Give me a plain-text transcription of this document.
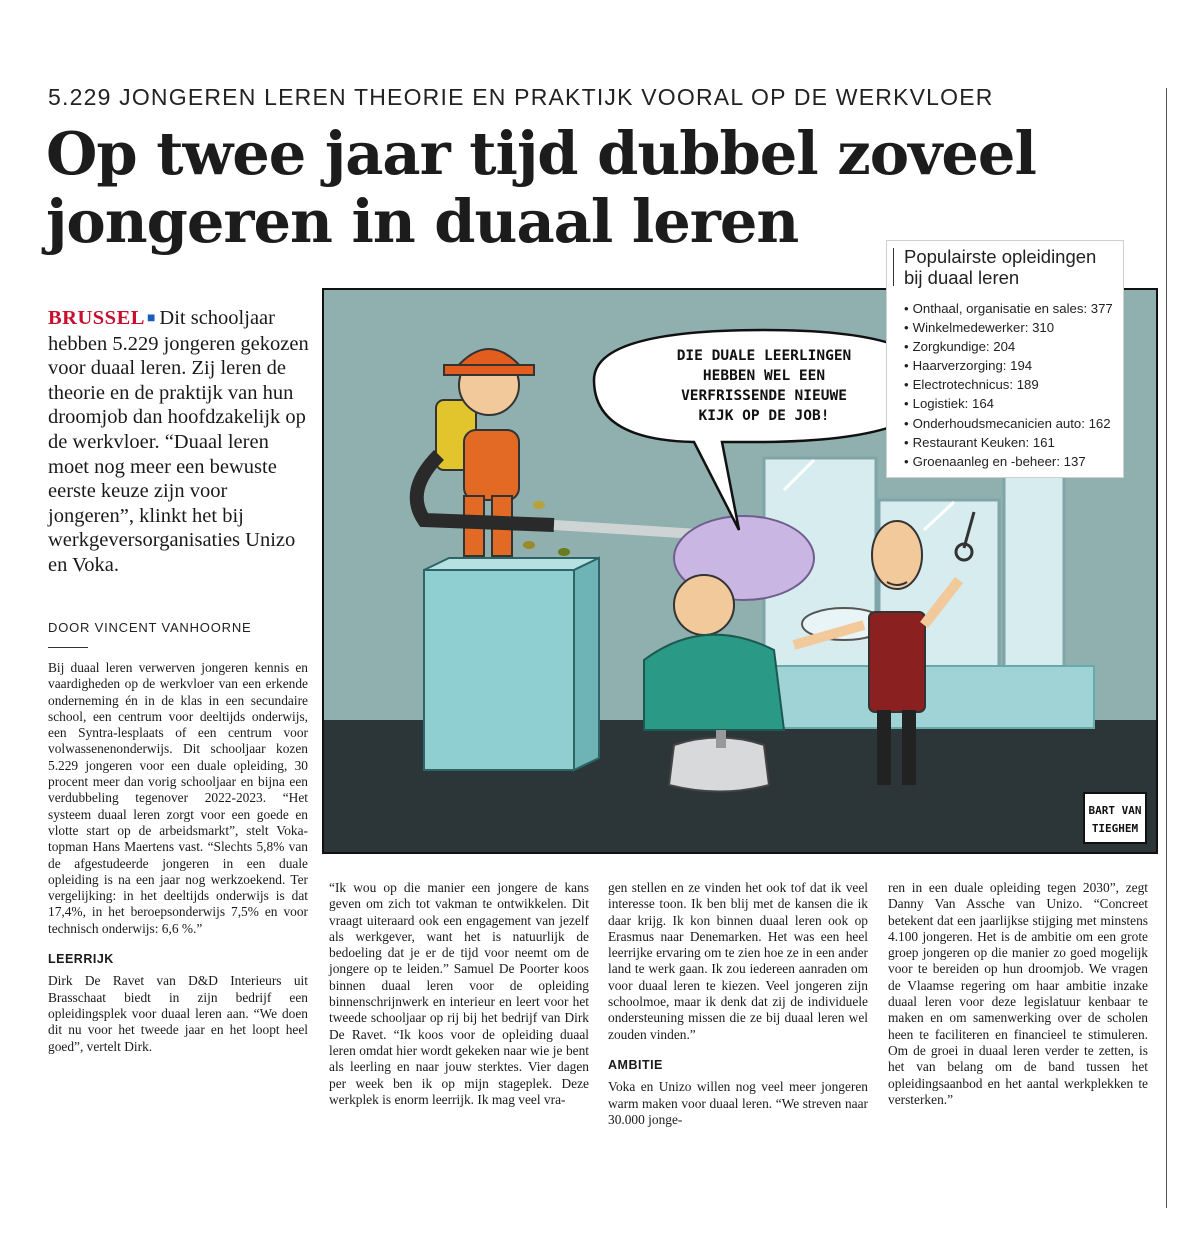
5.229 JONGEREN LEREN THEORIE EN PRAKTIJK VOORAL OP DE WERKVLOER
Op twee jaar tijd dubbel zoveel jongeren in duaal leren
BRUSSEL ■ Dit schooljaar hebben 5.229 jongeren gekozen voor duaal leren. Zij leren de theorie en de praktijk van hun droomjob dan hoofdzakelijk op de werkvloer. “Duaal leren moet nog meer een bewuste eerste keuze zijn voor jongeren”, klinkt het bij werkgeversorganisaties Unizo en Voka.
DOOR VINCENT VANHOORNE
DIE DUALE LEERLINGEN
HEBBEN WEL EEN
VERFRISSENDE NIEUWE
KIJK OP DE JOB!
BART VAN
TIEGHEM
Populairste opleidingen bij duaal leren
• Onthaal, organisatie en sales: 377
• Winkelmedewerker: 310
• Zorgkundige: 204
• Haarverzorging: 194
• Electrotechnicus: 189
• Logistiek: 164
• Onderhoudsmecanicien auto: 162
• Restaurant Keuken: 161
• Groenaanleg en -beheer: 137

Bij duaal leren verwerven jongeren kennis en vaardigheden op de werkvloer van een erkende onderneming én in de klas in een secundaire school, een centrum voor deeltijds onderwijs, een Syntra-lesplaats of een centrum voor volwassenenonderwijs. Dit schooljaar kozen 5.229 jongeren voor een duale opleiding, 30 procent meer dan vorig schooljaar en bijna een verdubbeling tegenover 2022-2023. “Het systeem duaal leren zorgt voor een goede en vlotte start op de arbeidsmarkt”, stelt Voka-topman Hans Maertens vast. “Slechts 5,8% van de afgestudeerde jongeren in een duale opleiding is na een jaar nog werkzoekend. Ter vergelijking: in het deeltijds onderwijs is dat 17,4%, in het beroepsonderwijs 7,5% en voor technisch onderwijs: 6,6 %.”

LEERRIJK

Dirk De Ravet van D&D Interieurs uit Brasschaat biedt in zijn bedrijf een opleidingsplek voor duaal leren aan. “We doen dit nu voor het tweede jaar en het loopt heel goed”, vertelt Dirk.

“Ik wou op die manier een jongere de kans geven om zich tot vakman te ontwikkelen. Dit vraagt uiteraard ook een engagement van jezelf als werkgever, want het is natuurlijk de bedoeling dat je er de tijd voor neemt om de jongere op te leiden.” Samuel De Poorter koos binnen duaal leren voor de opleiding binnenschrijnwerk en interieur en leert voor het tweede schooljaar op rij bij het bedrijf van Dirk De Ravet. “Ik koos voor de opleiding duaal leren omdat hier wordt gekeken naar wie je bent als leerling en naar jouw sterktes. Vier dagen per week ben ik op mijn stageplek. Deze werkplek is enorm leerrijk. Ik mag veel vra-

gen stellen en ze vinden het ook tof dat ik veel interesse toon. Ik ben blij met de kansen die ik daar krijg. Ik kon binnen duaal leren ook op Erasmus naar Denemarken. Het was een heel leerrijke ervaring om te zien hoe ze in een ander land te werk gaan. Ik zou iedereen aanraden om voor duaal leren te kiezen. Veel jongeren zijn schoolmoe, maar ik denk dat zij de individuele ondersteuning missen die ze bij duaal leren wel zouden vinden.”

AMBITIE

Voka en Unizo willen nog veel meer jongeren warm maken voor duaal leren. “We streven naar 30.000 jonge-

ren in een duale opleiding tegen 2030”, zegt Danny Van Assche van Unizo. “Concreet betekent dat een jaarlijkse stijging met minstens 4.100 jongeren. Het is de ambitie om een grote groep jongeren op die manier zo goed mogelijk voor te bereiden op hun droomjob. We vragen de Vlaamse regering om haar ambitie inzake duaal leren voor deze legislatuur kenbaar te maken en om samenwerking over de scholen heen te faciliteren en financieel te stimuleren. Om de groei in duaal leren verder te zetten, is het van belang om de band tussen het opleidingsaanbod en het aantal werkplekken te versterken.”
